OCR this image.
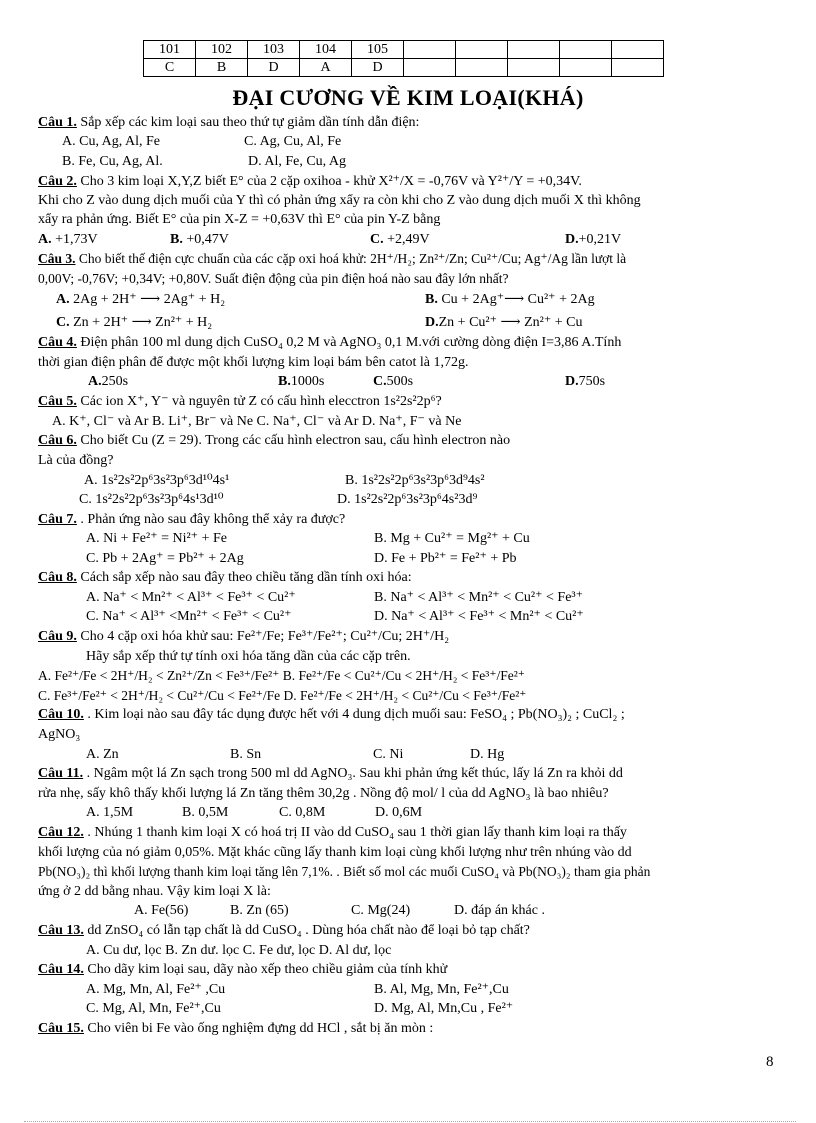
101	102	103	104	105					
C	B	D	A	D					
ĐẠI CƯƠNG VỀ KIM LOẠI(KHÁ)
Câu 1. Sắp xếp các kim loại sau theo thứ tự giảm dần tính dẫn điện:
A. Cu, Ag, Al, Fe	C. Ag, Cu, Al, Fe
B. Fe, Cu, Ag, Al.	D. Al, Fe, Cu, Ag
Câu 2. Cho 3 kim loại X,Y,Z biết E° của 2 cặp oxihoa - khử X²⁺/X = -0,76V và Y²⁺/Y = +0,34V.
Khi cho Z vào dung dịch muối của Y thì có phản ứng xẩy ra còn khi cho Z vào dung dịch muối X thì không
xẩy ra phản ứng. Biết E° của pin X-Z = +0,63V thì E° của pin Y-Z bằng
A. +1,73V	B. +0,47V	C. +2,49V	D.+0,21V
Câu 3. Cho biết thế điện cực chuẩn của các cặp oxi hoá khử: 2H⁺/H₂; Zn²⁺/Zn; Cu²⁺/Cu; Ag⁺/Ag lần lượt là
0,00V; -0,76V; +0,34V; +0,80V. Suất điện động của pin điện hoá nào sau đây lớn nhất?
A. 2Ag + 2H⁺ ⟶ 2Ag⁺ + H₂	B. Cu + 2Ag⁺⟶ Cu²⁺ + 2Ag
C. Zn + 2H⁺ ⟶ Zn²⁺ + H₂	D.Zn + Cu²⁺ ⟶ Zn²⁺ + Cu
Câu 4. Điện phân 100 ml dung dịch CuSO₄ 0,2 M và AgNO₃ 0,1 M.với cường dòng điện I=3,86 A.Tính
thời gian điện phân để được một khối lượng kim loại bám bên catot là 1,72g.
A.250s	B.1000s	C.500s	D.750s
Câu 5. Các ion X⁺, Y⁻ và nguyên tử Z có cấu hình elecctron 1s²2s²2p⁶?
A. K⁺, Cl⁻ và Ar B. Li⁺, Br⁻ và Ne C. Na⁺, Cl⁻ và Ar D. Na⁺, F⁻ và Ne
Câu 6. Cho biết Cu (Z = 29). Trong các cấu hình electron sau, cấu hình electron nào
Là của đồng?
A. 1s²2s²2p⁶3s²3p⁶3d¹⁰4s¹	B. 1s²2s²2p⁶3s²3p⁶3d⁹4s²
C. 1s²2s²2p⁶3s²3p⁶4s¹3d¹⁰	D. 1s²2s²2p⁶3s²3p⁶4s²3d⁹
Câu 7. . Phản ứng nào sau đây không thể xảy ra được?
A. Ni + Fe²⁺ = Ni²⁺ + Fe	B. Mg + Cu²⁺ = Mg²⁺ + Cu
C. Pb + 2Ag⁺ = Pb²⁺ + 2Ag	D. Fe + Pb²⁺ = Fe²⁺ + Pb
Câu 8. Cách sắp xếp nào sau đây theo chiều tăng dần tính oxi hóa:
A. Na⁺ < Mn²⁺ < Al³⁺ < Fe³⁺ < Cu²⁺	B. Na⁺ < Al³⁺ < Mn²⁺ < Cu²⁺ < Fe³⁺
C. Na⁺ < Al³⁺ <Mn²⁺ < Fe³⁺ < Cu²⁺	D. Na⁺ < Al³⁺ < Fe³⁺ < Mn²⁺ < Cu²⁺
Câu 9. Cho 4 cặp oxi hóa khử sau: Fe²⁺/Fe; Fe³⁺/Fe²⁺; Cu²⁺/Cu; 2H⁺/H₂
Hãy sắp xếp thứ tự tính oxi hóa tăng dần của các cặp trên.
A. Fe²⁺/Fe < 2H⁺/H₂ < Zn²⁺/Zn < Fe³⁺/Fe²⁺ B. Fe²⁺/Fe < Cu²⁺/Cu < 2H⁺/H₂ < Fe³⁺/Fe²⁺
C. Fe³⁺/Fe²⁺ < 2H⁺/H₂ < Cu²⁺/Cu < Fe²⁺/Fe D. Fe²⁺/Fe < 2H⁺/H₂ < Cu²⁺/Cu < Fe³⁺/Fe²⁺
Câu 10. . Kim loại nào sau đây tác dụng được hết với 4 dung dịch muối sau: FeSO₄ ; Pb(NO₃)₂ ; CuCl₂ ;
AgNO₃
A. Zn	B. Sn	C. Ni	D. Hg
Câu 11. . Ngâm một lá Zn sạch trong 500 ml dd AgNO₃. Sau khi phản ứng kết thúc, lấy lá Zn ra khỏi dd
rửa nhẹ, sấy khô thấy khối lượng lá Zn tăng thêm 30,2g . Nồng độ mol/ l của dd AgNO₃ là bao nhiêu?
A. 1,5M	B. 0,5M	C. 0,8M	D. 0,6M
Câu 12. . Nhúng 1 thanh kim loại X có hoá trị II vào dd CuSO₄ sau 1 thời gian lấy thanh kim loại ra thấy
khối lượng của nó giảm 0,05%. Mặt khác cũng lấy thanh kim loại cùng khối lượng như trên nhúng vào dd
Pb(NO₃)₂ thì khối lượng thanh kim loại tăng lên 7,1%. . Biết số mol các muối CuSO₄ và Pb(NO₃)₂ tham gia phản
ứng ở 2 dd bằng nhau. Vậy kim loại X là:
A. Fe(56)	B. Zn (65)	C. Mg(24)	D. đáp án khác .
Câu 13. dd ZnSO₄ có lẫn tạp chất là dd CuSO₄ . Dùng hóa chất nào để loại bỏ tạp chất?
A. Cu dư, lọc B. Zn dư. lọc C. Fe dư, lọc D. Al dư, lọc
Câu 14. Cho dãy kim loại sau, dãy nào xếp theo chiều giảm của tính khử
A. Mg, Mn, Al, Fe²⁺ ,Cu	B. Al, Mg, Mn, Fe²⁺,Cu
C. Mg, Al, Mn, Fe²⁺,Cu	D. Mg, Al, Mn,Cu , Fe²⁺
Câu 15. Cho viên bi Fe vào ống nghiệm đựng dd HCl , sắt bị ăn mòn :
8
